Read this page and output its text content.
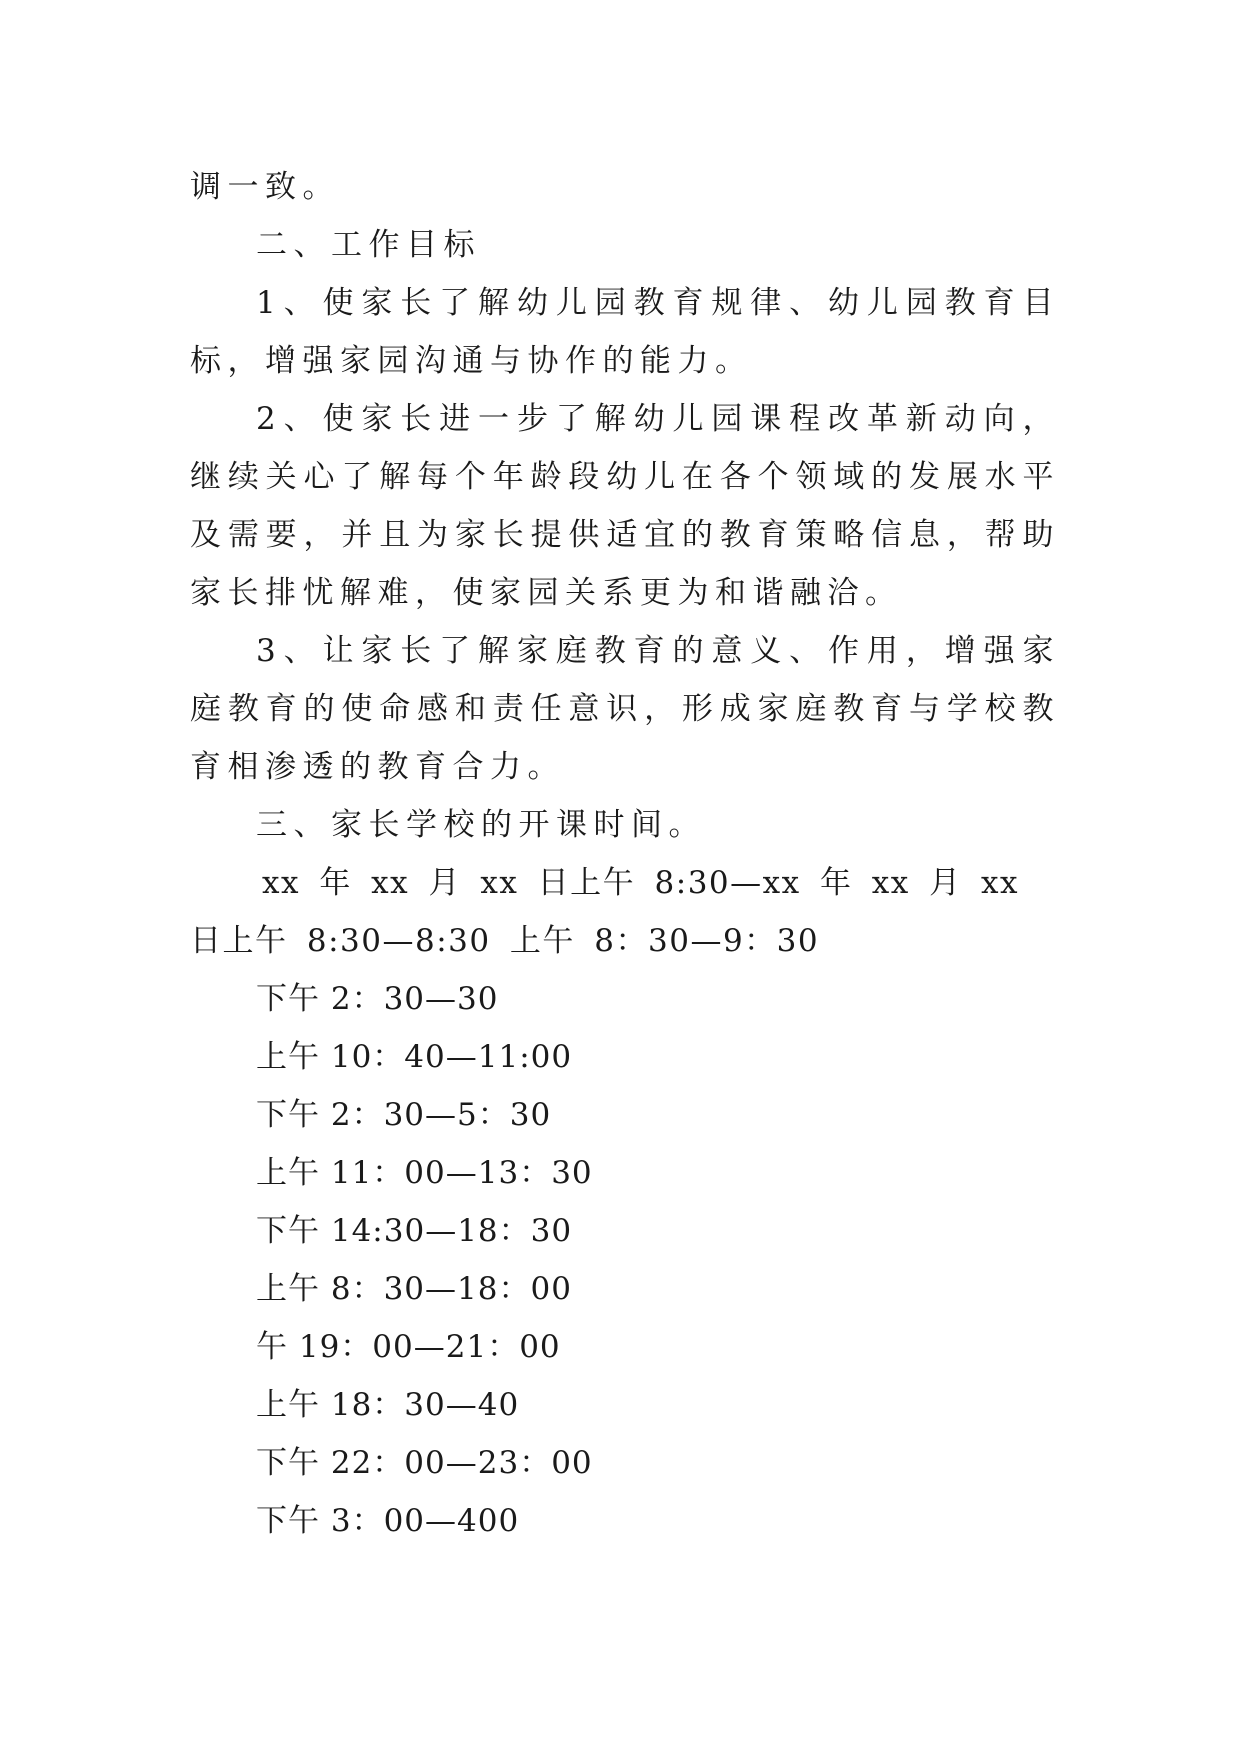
调一致。

二、工作目标

1、使家长了解幼儿园教育规律、幼儿园教育目标，增强家园沟通与协作的能力。

2、使家长进一步了解幼儿园课程改革新动向，继续关心了解每个年龄段幼儿在各个领域的发展水平及需要，并且为家长提供适宜的教育策略信息，帮助家长排忧解难，使家园关系更为和谐融洽。

3、让家长了解家庭教育的意义、作用，增强家庭教育的使命感和责任意识，形成家庭教育与学校教育相渗透的教育合力。

三、家长学校的开课时间。

xx 年 xx 月 xx 日上午 8:30—xx 年 xx 月 xx 日上午 8:30—8:30 上午 8：30—9：30

下午 2：30—30

上午 10：40—11:00

下午 2：30—5：30

上午 11：00—13：30

下午 14:30—18：30

上午 8：30—18：00

午 19：00—21：00

上午 18：30—40

下午 22：00—23：00

下午 3：00—400
